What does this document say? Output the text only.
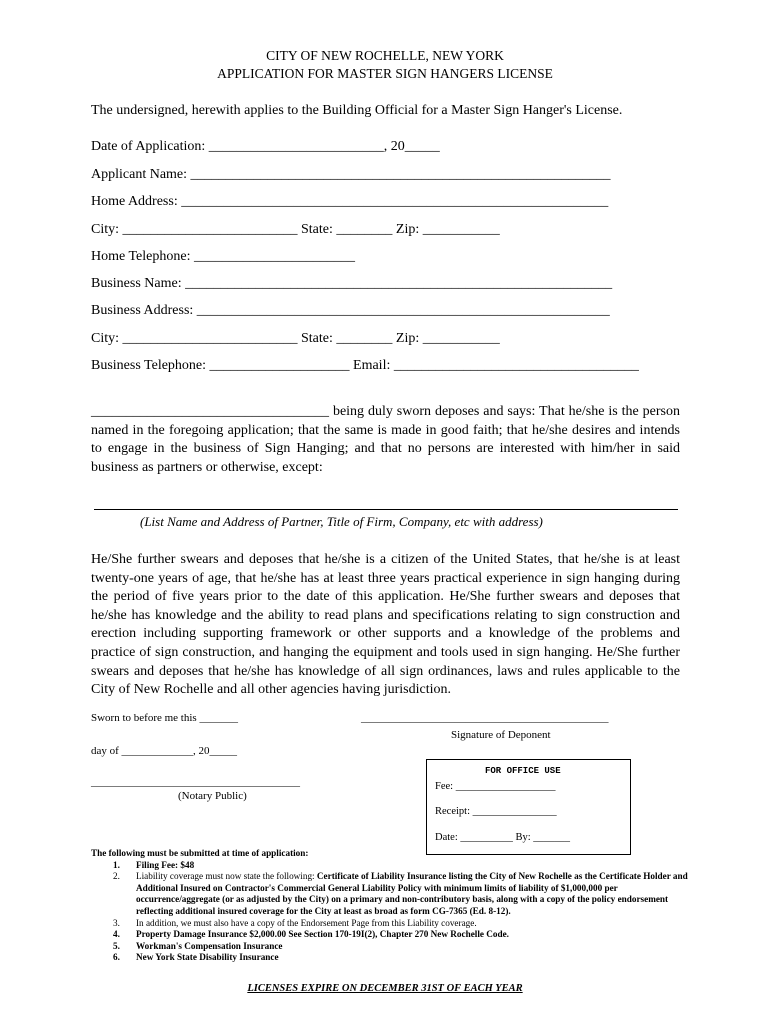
CITY OF NEW ROCHELLE, NEW YORK
APPLICATION FOR MASTER SIGN HANGERS LICENSE
The undersigned, herewith applies to the Building Official for a Master Sign Hanger's License.
Date of Application: _________________________, 20_____
Applicant Name: ____________________________________________________________
Home Address: _____________________________________________________________
City: _________________________ State: ________ Zip: ___________
Home Telephone: _______________________
Business Name: _____________________________________________________________
Business Address: ___________________________________________________________
City: _________________________ State: ________ Zip: ___________
Business Telephone: ____________________ Email: ___________________________________
__________________________________ being duly sworn deposes and says: That he/she is the person named in the foregoing application; that the same is made in good faith; that he/she desires and intends to engage in the business of Sign Hanging; and that no persons are interested with him/her in said business as partners or otherwise, except:
(List Name and Address of Partner, Title of Firm, Company, etc with address)
He/She further swears and deposes that he/she is a citizen of the United States, that he/she is at least twenty-one years of age, that he/she has at least three years practical experience in sign hanging during the period of five years prior to the date of this application. He/She further swears and deposes that he/she has knowledge and the ability to read plans and specifications relating to sign construction and erection including supporting framework or other supports and a knowledge of the problems and practice of sign construction, and hanging the equipment and tools used in sign hanging. He/She further swears and deposes that he/she has knowledge of all sign ordinances, laws and rules applicable to the City of New Rochelle and all other agencies having jurisdiction.
Sworn to before me this _______	_____________________________________________
Signature of Deponent
day of _____________, 20_____
______________________________________
(Notary Public)
FOR OFFICE USE
Fee: ___________________
Receipt: ________________
Date: __________ By: _______
The following must be submitted at time of application:
1. Filing Fee: $48
2. Liability coverage must now state the following: Certificate of Liability Insurance listing the City of New Rochelle as the Certificate Holder and Additional Insured on Contractor's Commercial General Liability Policy with minimum limits of liability of $1,000,000 per occurrence/aggregate (or as adjusted by the City) on a primary and non-contributory basis, along with a copy of the policy endorsement reflecting additional insured coverage for the City at least as broad as form CG-7365 (Ed. 8-12).
3. In addition, we must also have a copy of the Endorsement Page from this Liability coverage.
4. Property Damage Insurance $2,000.00 See Section 170-19I(2), Chapter 270 New Rochelle Code.
5. Workman's Compensation Insurance
6. New York State Disability Insurance
LICENSES EXPIRE ON DECEMBER 31ST OF EACH YEAR
